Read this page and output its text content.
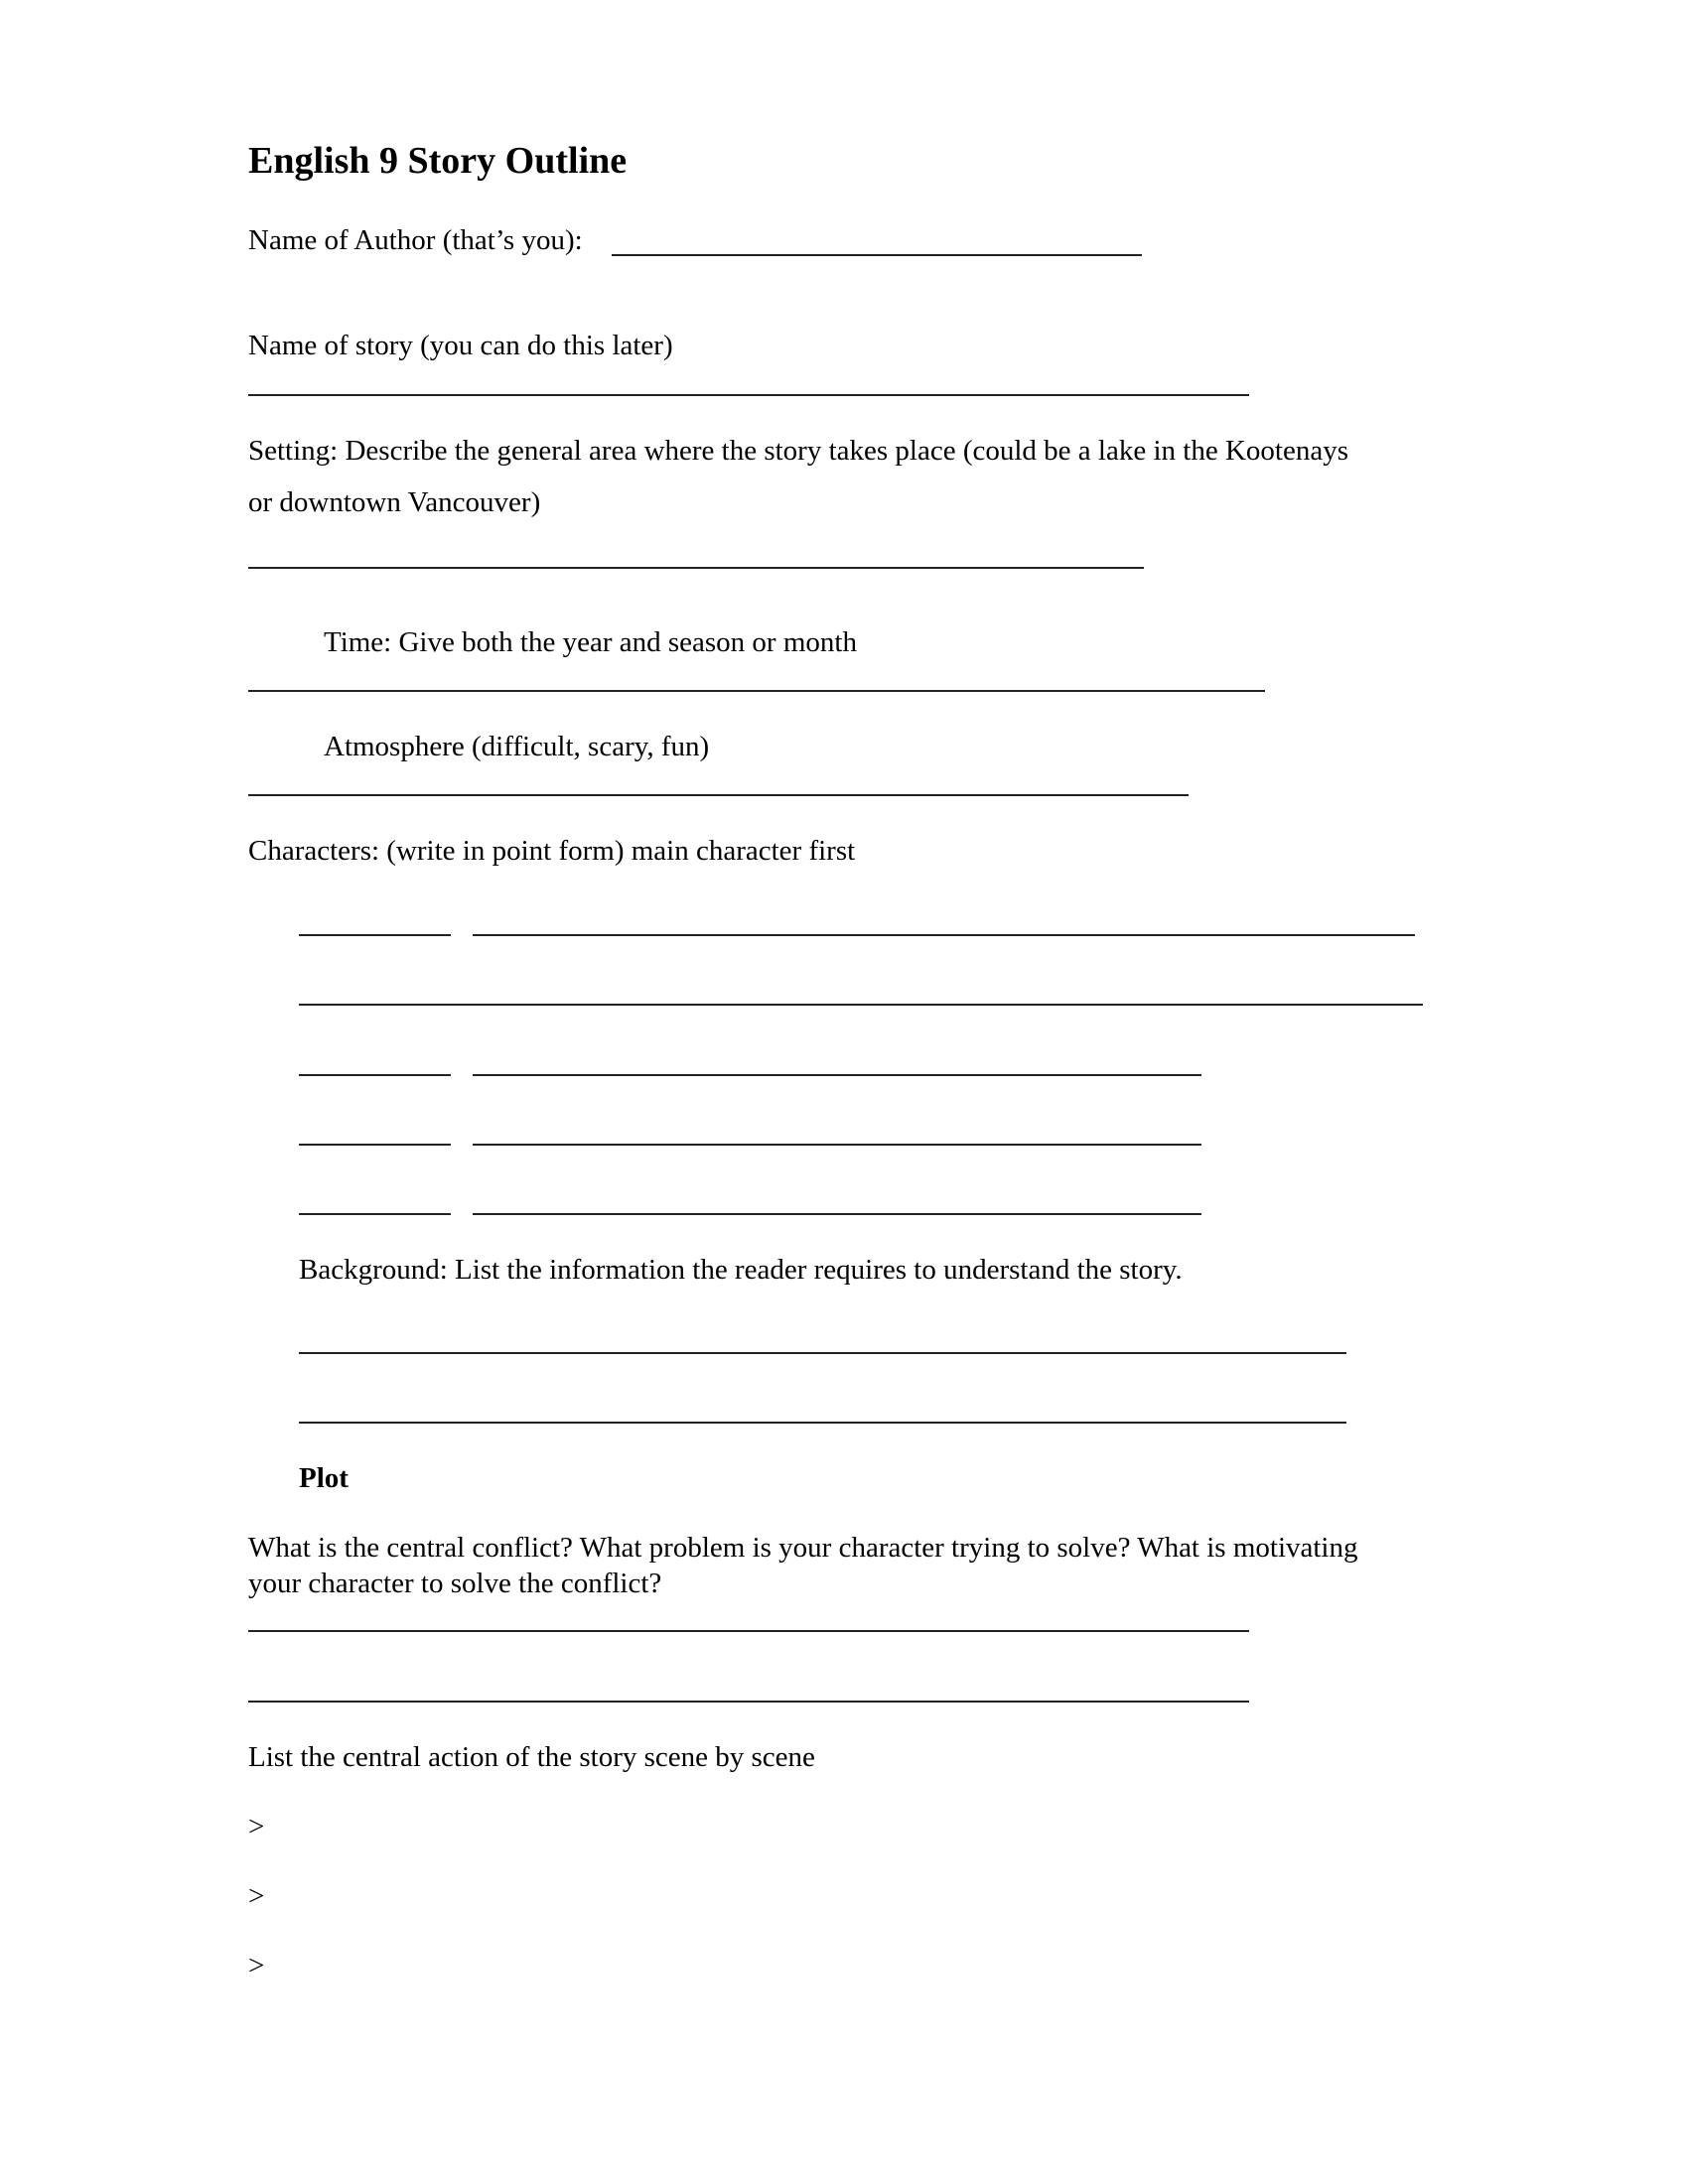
English 9 Story Outline
Name of Author (that’s you):
Name of story (you can do this later)
Setting: Describe the general area where the story takes place (could be a lake in the Kootenays
or downtown Vancouver)
Time: Give both the year and season or month
Atmosphere (difficult, scary, fun)
Characters: (write in point form) main character first
Background: List the information the reader requires to understand the story.
Plot
What is the central conflict? What problem is your character trying to solve? What is motivating
your character to solve the conflict?
List the central action of the story scene by scene
>
>
>
